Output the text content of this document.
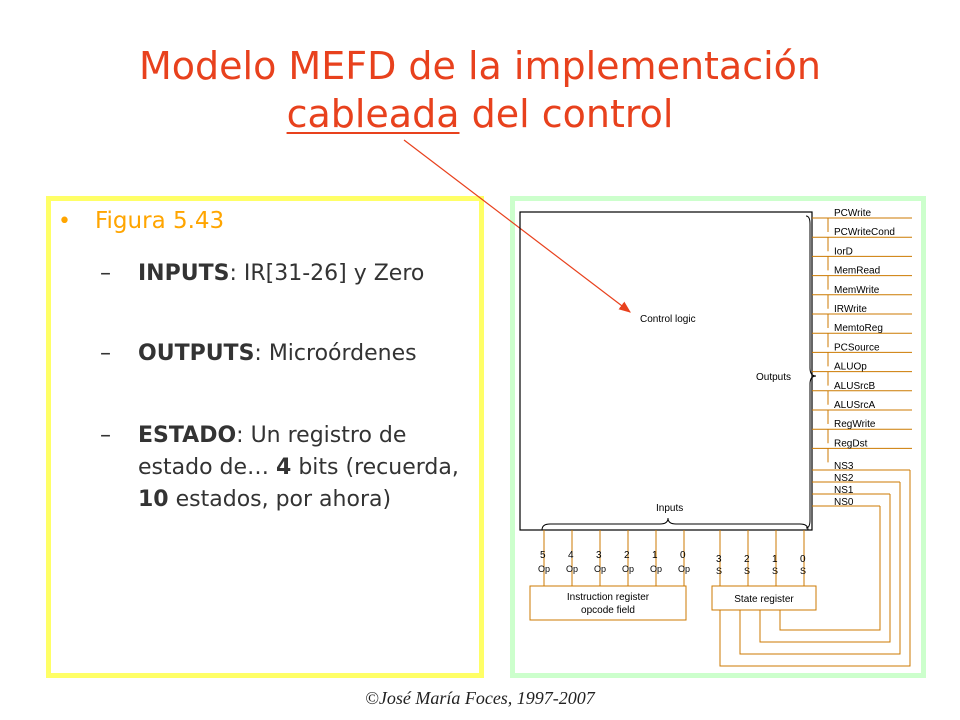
Modelo MEFD de la implementación
cableada del control
• Figura 5.43
– INPUTS: IR[31-26] y Zero
– OUTPUTS: Microórdenes
– ESTADO: Un registro de estado de… 4 bits (recuerda, 10 estados, por ahora)
Control logic
Outputs
Inputs
Instruction register
opcode field
State register
PCWrite
PCWriteCond
IorD
MemRead
MemWrite
IRWrite
MemtoReg
PCSource
ALUOp
ALUSrcB
ALUSrcA
RegWrite
RegDst
NS3
NS2
NS1
NS0
5
Op
4
Op
3
Op
2
Op
1
Op
0
Op
3
S
2
S
1
S
0
S
©José María Foces, 1997-2007
